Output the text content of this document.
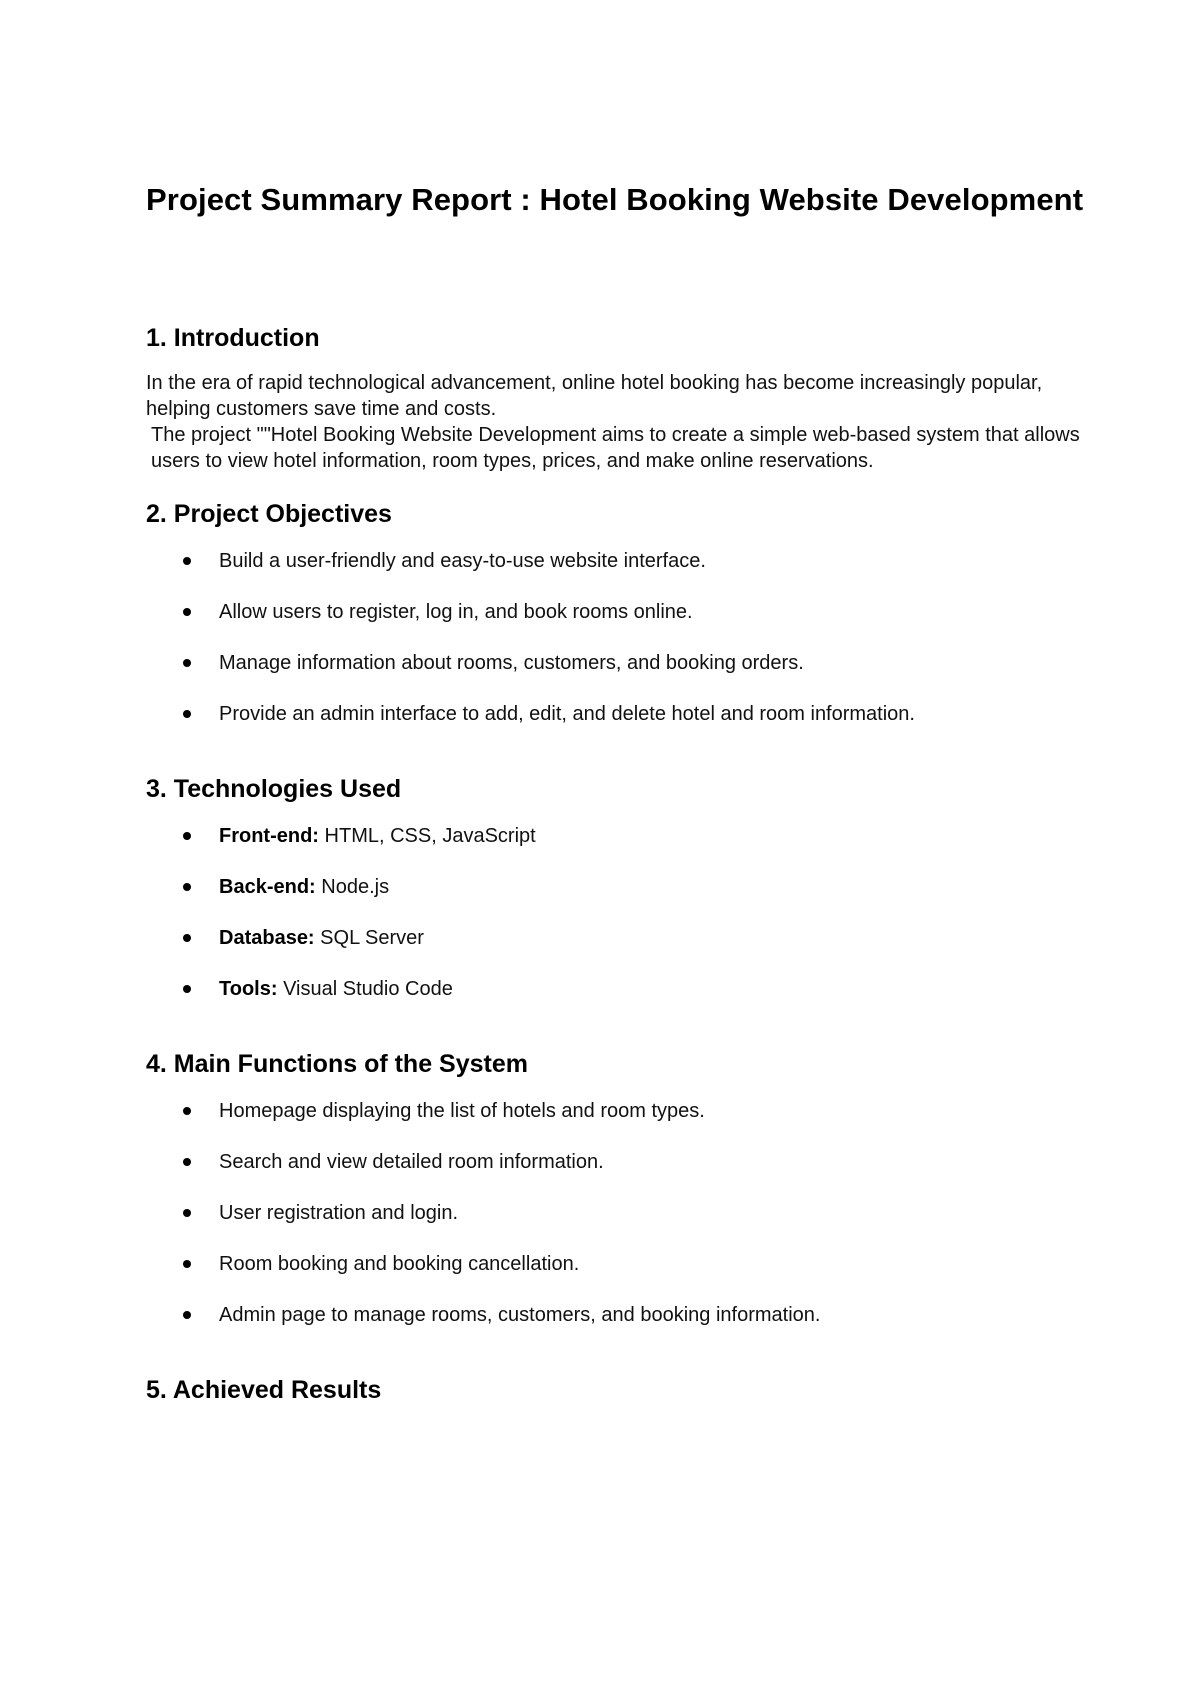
Project Summary Report : Hotel Booking Website Development
1. Introduction

In the era of rapid technological advancement, online hotel booking has become increasingly popular, helping customers save time and costs.

The project ""Hotel Booking Website Development aims to create a simple web-based system that allows users to view hotel information, room types, prices, and make online reservations.

2. Project Objectives
Build a user-friendly and easy-to-use website interface.
Allow users to register, log in, and book rooms online.
Manage information about rooms, customers, and booking orders.
Provide an admin interface to add, edit, and delete hotel and room information.
3. Technologies Used
Front-end: HTML, CSS, JavaScript
Back-end: Node.js
Database: SQL Server
Tools: Visual Studio Code
4. Main Functions of the System
Homepage displaying the list of hotels and room types.
Search and view detailed room information.
User registration and login.
Room booking and booking cancellation.
Admin page to manage rooms, customers, and booking information.
5. Achieved Results
